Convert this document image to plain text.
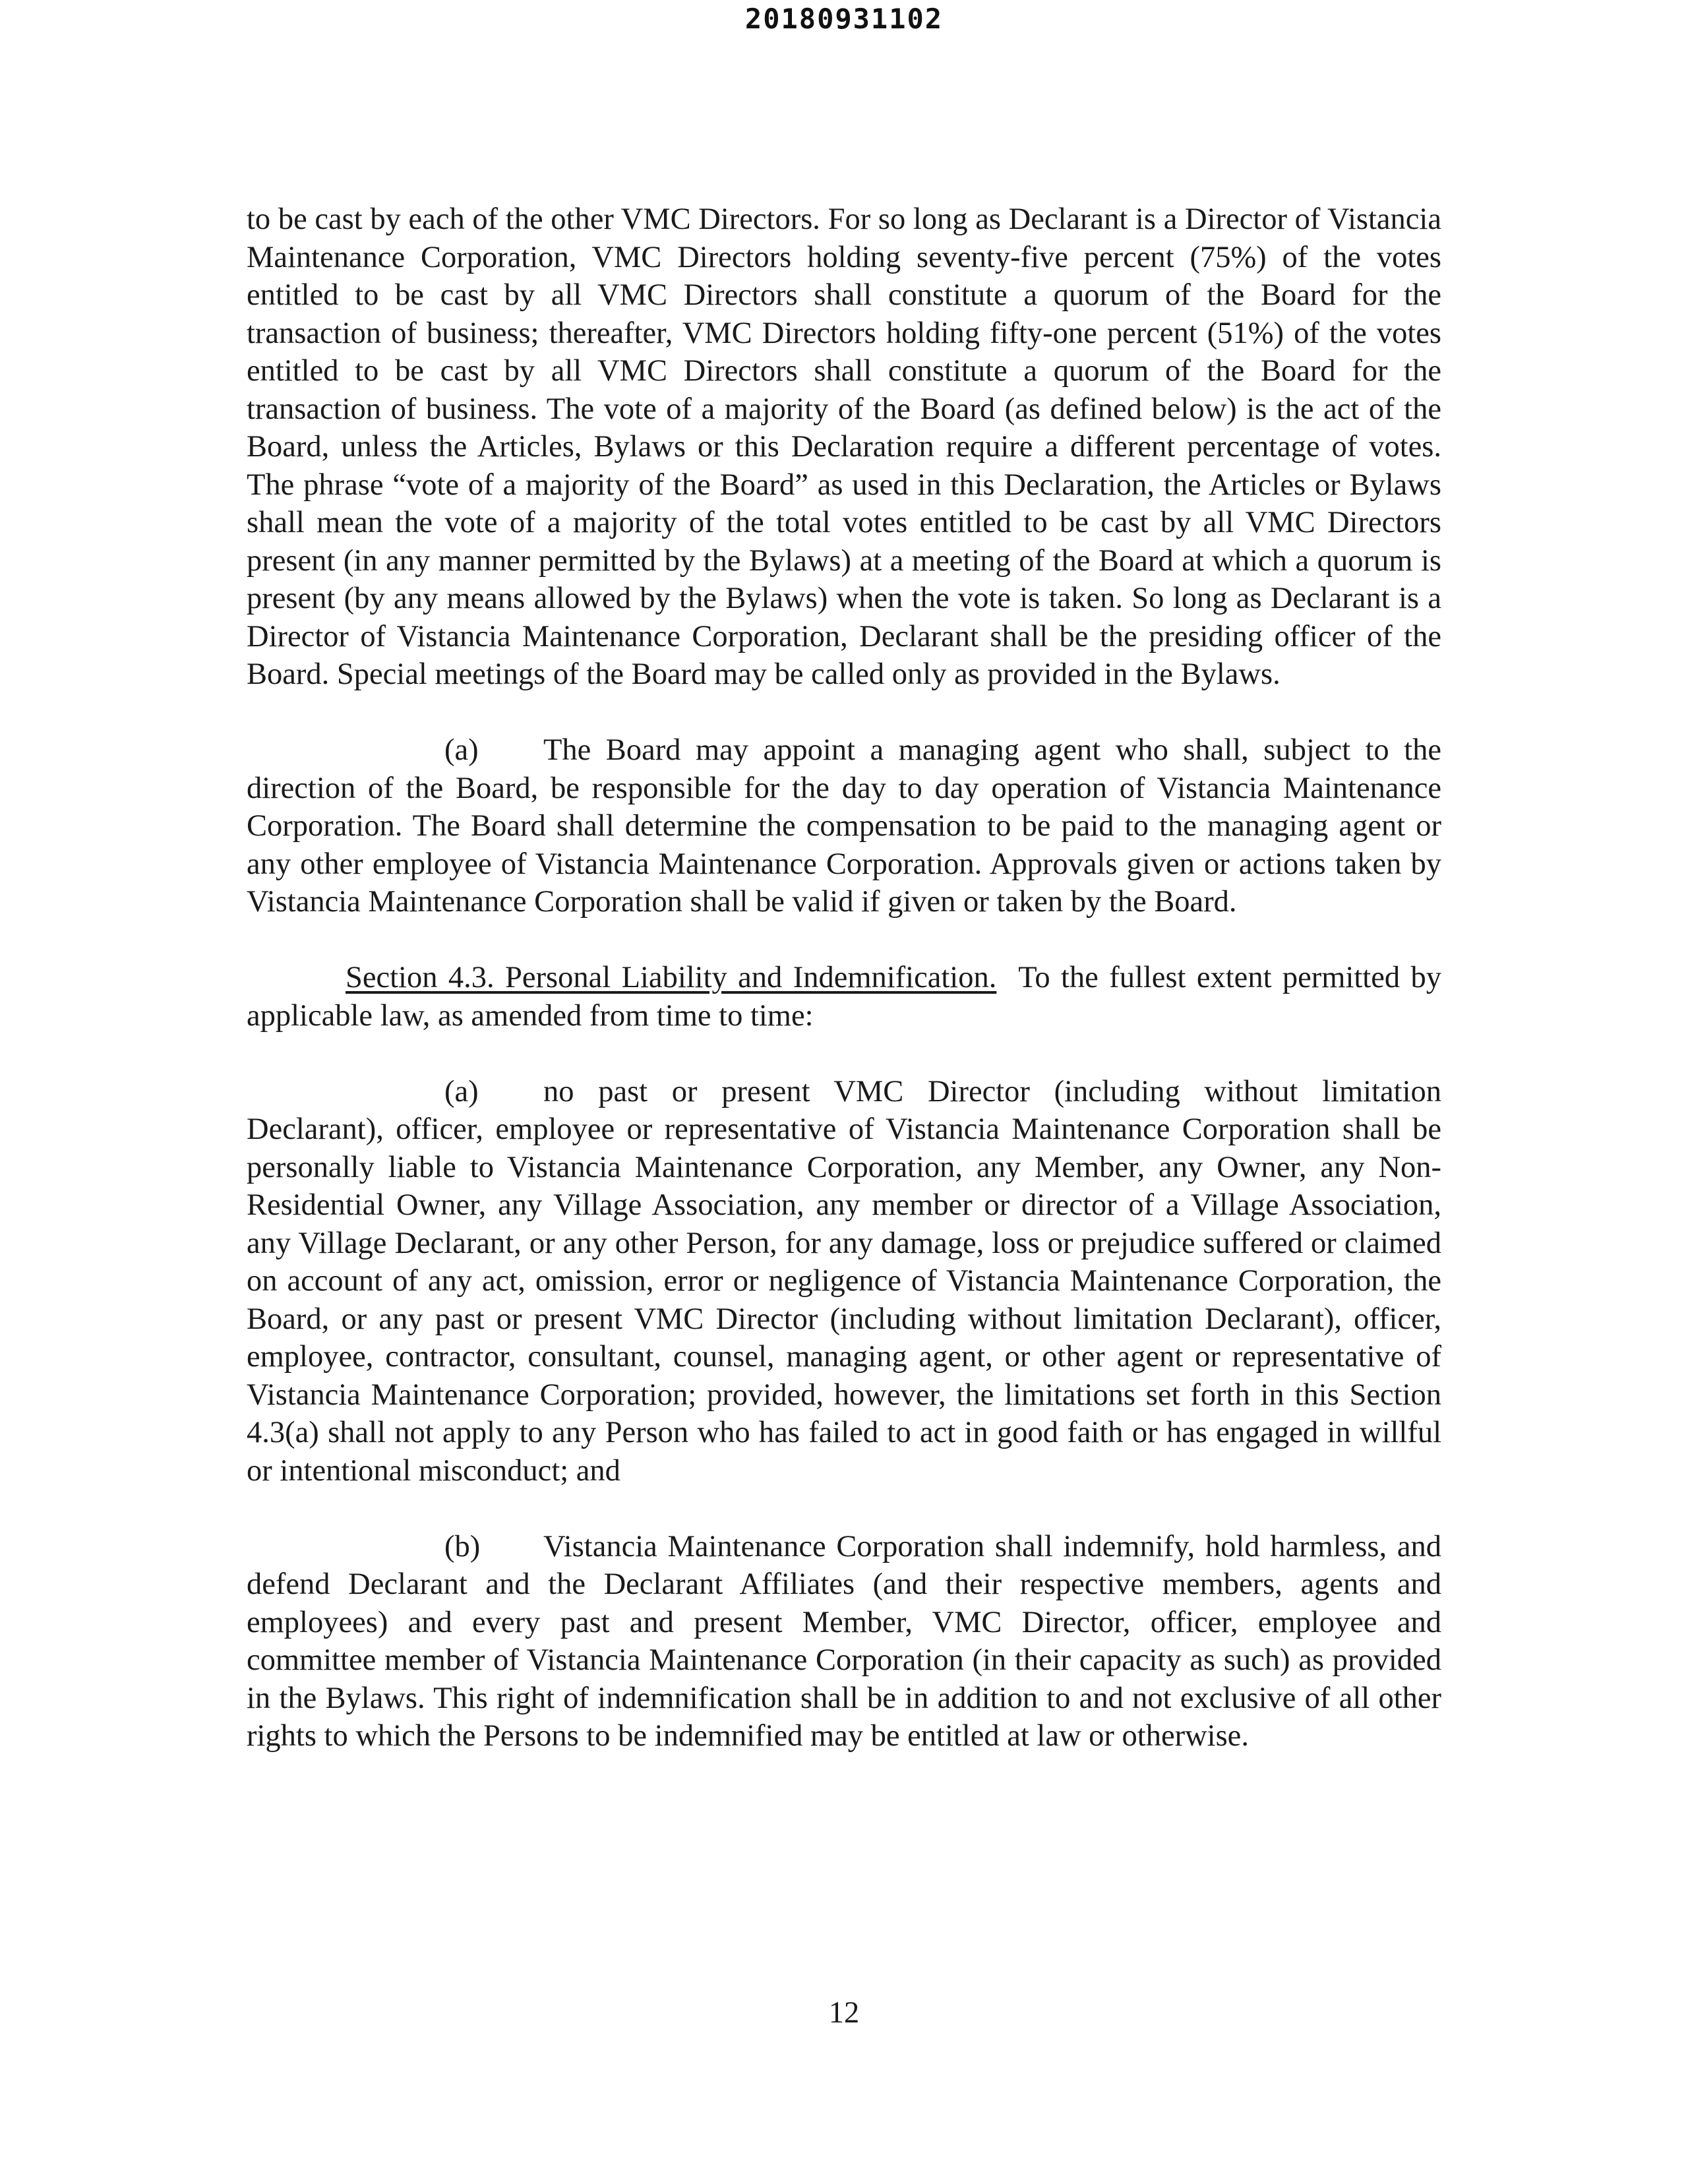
20180931102

to be cast by each of the other VMC Directors. For so long as Declarant is a Director of Vistancia Maintenance Corporation, VMC Directors holding seventy-five percent (75%) of the votes entitled to be cast by all VMC Directors shall constitute a quorum of the Board for the transaction of business; thereafter, VMC Directors holding fifty-one percent (51%) of the votes entitled to be cast by all VMC Directors shall constitute a quorum of the Board for the transaction of business. The vote of a majority of the Board (as defined below) is the act of the Board, unless the Articles, Bylaws or this Declaration require a different percentage of votes. The phrase “vote of a majority of the Board” as used in this Declaration, the Articles or Bylaws shall mean the vote of a majority of the total votes entitled to be cast by all VMC Directors present (in any manner permitted by the Bylaws) at a meeting of the Board at which a quorum is present (by any means allowed by the Bylaws) when the vote is taken. So long as Declarant is a Director of Vistancia Maintenance Corporation, Declarant shall be the presiding officer of the Board. Special meetings of the Board may be called only as provided in the Bylaws.

(a) The Board may appoint a managing agent who shall, subject to the direction of the Board, be responsible for the day to day operation of Vistancia Maintenance Corporation. The Board shall determine the compensation to be paid to the managing agent or any other employee of Vistancia Maintenance Corporation. Approvals given or actions taken by Vistancia Maintenance Corporation shall be valid if given or taken by the Board.

Section 4.3. Personal Liability and Indemnification. To the fullest extent permitted by applicable law, as amended from time to time:

(a) no past or present VMC Director (including without limitation Declarant), officer, employee or representative of Vistancia Maintenance Corporation shall be personally liable to Vistancia Maintenance Corporation, any Member, any Owner, any Non-Residential Owner, any Village Association, any member or director of a Village Association, any Village Declarant, or any other Person, for any damage, loss or prejudice suffered or claimed on account of any act, omission, error or negligence of Vistancia Maintenance Corporation, the Board, or any past or present VMC Director (including without limitation Declarant), officer, employee, contractor, consultant, counsel, managing agent, or other agent or representative of Vistancia Maintenance Corporation; provided, however, the limitations set forth in this Section 4.3(a) shall not apply to any Person who has failed to act in good faith or has engaged in willful or intentional misconduct; and

(b) Vistancia Maintenance Corporation shall indemnify, hold harmless, and defend Declarant and the Declarant Affiliates (and their respective members, agents and employees) and every past and present Member, VMC Director, officer, employee and committee member of Vistancia Maintenance Corporation (in their capacity as such) as provided in the Bylaws. This right of indemnification shall be in addition to and not exclusive of all other rights to which the Persons to be indemnified may be entitled at law or otherwise.

12
